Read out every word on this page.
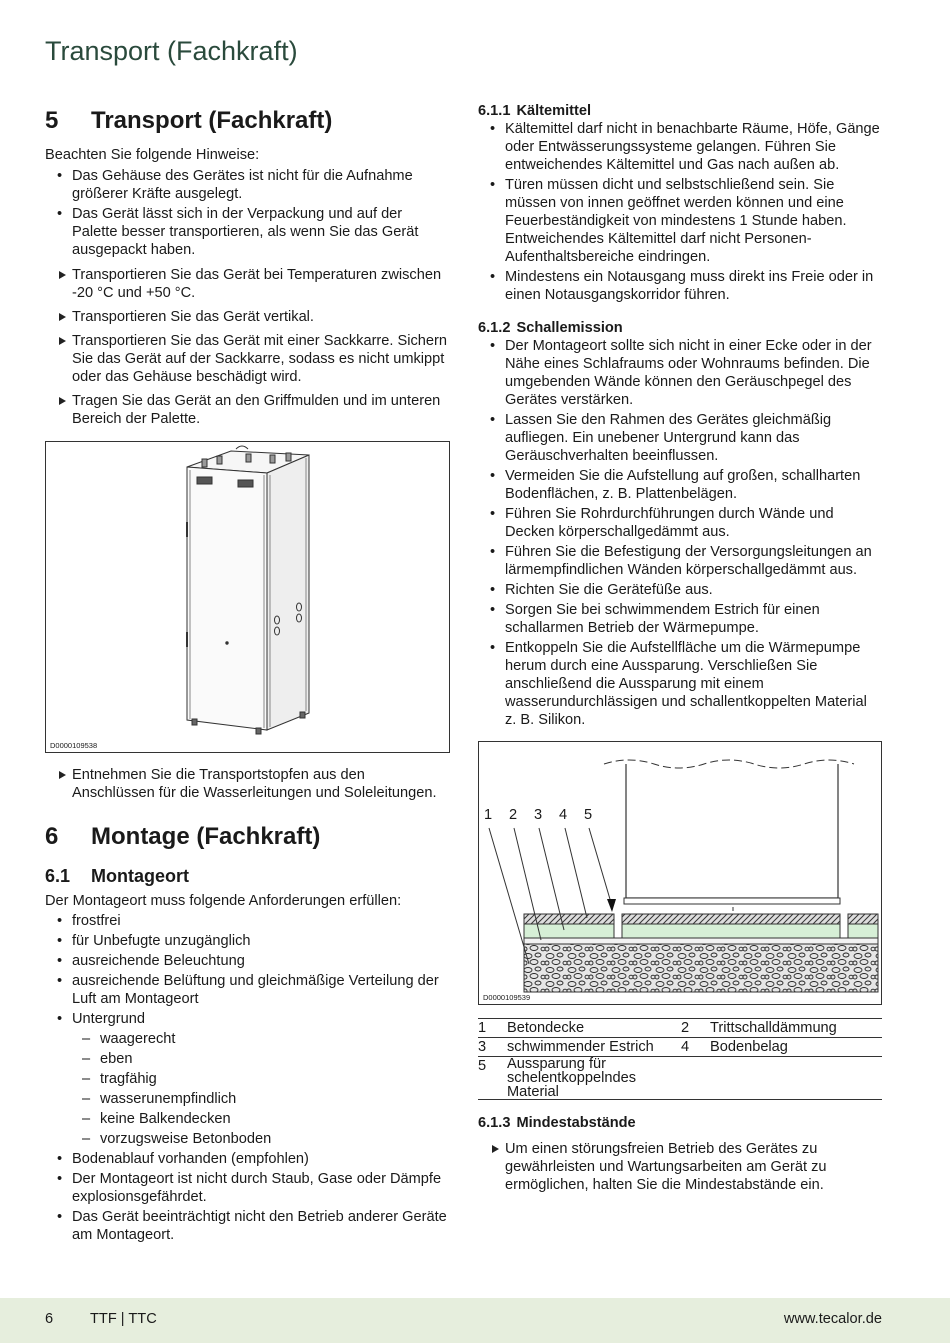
Transport (Fachkraft)
5	Transport (Fachkraft)

Beachten Sie folgende Hinweise:

• Das Gehäuse des Gerätes ist nicht für die Aufnahme größerer Kräfte ausgelegt.
• Das Gerät lässt sich in der Verpackung und auf der Palette besser transportieren, als wenn Sie das Gerät ausgepackt haben.
Transportieren Sie das Gerät bei Temperaturen zwischen -20 °C und +50 °C.
Transportieren Sie das Gerät vertikal.
Transportieren Sie das Gerät mit einer Sackkarre. Sichern Sie das Gerät auf der Sackkarre, sodass es nicht umkippt oder das Gehäuse beschädigt wird.
Tragen Sie das Gerät an den Griffmulden und im unteren Bereich der Palette.
D0000109538
Entnehmen Sie die Transportstopfen aus den Anschlüssen für die Wasserleitungen und Soleleitungen.
6	Montage (Fachkraft)
6.1	Montageort

Der Montageort muss folgende Anforderungen erfüllen:

• frostfrei
• für Unbefugte unzugänglich
• ausreichende Beleuchtung
• ausreichende Belüftung und gleichmäßige Verteilung der Luft am Montageort
• Untergrund
– waagerecht
– eben
– tragfähig
– wasserunempfindlich
– keine Balkendecken
– vorzugsweise Betonboden
• Bodenablauf vorhanden (empfohlen)
• Der Montageort ist nicht durch Staub, Gase oder Dämpfe explosionsgefährdet.
• Das Gerät beeinträchtigt nicht den Betrieb anderer Geräte am Montageort.
6.1.1 Kältemittel
• Kältemittel darf nicht in benachbarte Räume, Höfe, Gänge oder Entwässerungssysteme gelangen. Führen Sie entweichendes Kältemittel und Gas nach außen ab.
• Türen müssen dicht und selbstschließend sein. Sie müssen von innen geöffnet werden können und eine Feuerbeständigkeit von mindestens 1 Stunde haben. Entweichendes Kältemittel darf nicht Personen-Aufenthaltsbereiche eindringen.
• Mindestens ein Notausgang muss direkt ins Freie oder in einen Notausgangskorridor führen.
6.1.2 Schallemission
• Der Montageort sollte sich nicht in einer Ecke oder in der Nähe eines Schlafraums oder Wohnraums befinden. Die umgebenden Wände können den Geräuschpegel des Gerätes verstärken.
• Lassen Sie den Rahmen des Gerätes gleichmäßig aufliegen. Ein unebener Untergrund kann das Geräuschverhalten beeinflussen.
• Vermeiden Sie die Aufstellung auf großen, schallharten Bodenflächen, z. B. Plattenbelägen.
• Führen Sie Rohrdurchführungen durch Wände und Decken körperschallgedämmt aus.
• Führen Sie die Befestigung der Versorgungsleitungen an lärmempfindlichen Wänden körperschallgedämmt aus.
• Richten Sie die Gerätefüße aus.
• Sorgen Sie bei schwimmendem Estrich für einen schallarmen Betrieb der Wärmepumpe.
• Entkoppeln Sie die Aufstellfläche um die Wärmepumpe herum durch eine Aussparung. Verschließen Sie anschließend die Aussparung mit einem wasserundurchlässigen und schallentkoppelten Material z. B. Silikon.
1 2 3 4 5
D0000109539
1	Betondecke	2	Trittschalldämmung
3	schwimmender Estrich	4	Bodenbelag
5	Aussparung für schelentkoppelndes Material		
6.1.3 Mindestabstände
Um einen störungsfreien Betrieb des Gerätes zu gewährleisten und Wartungsarbeiten am Gerät zu ermöglichen, halten Sie die Mindestabstände ein.
6	TTF | TTC	www.tecalor.de
